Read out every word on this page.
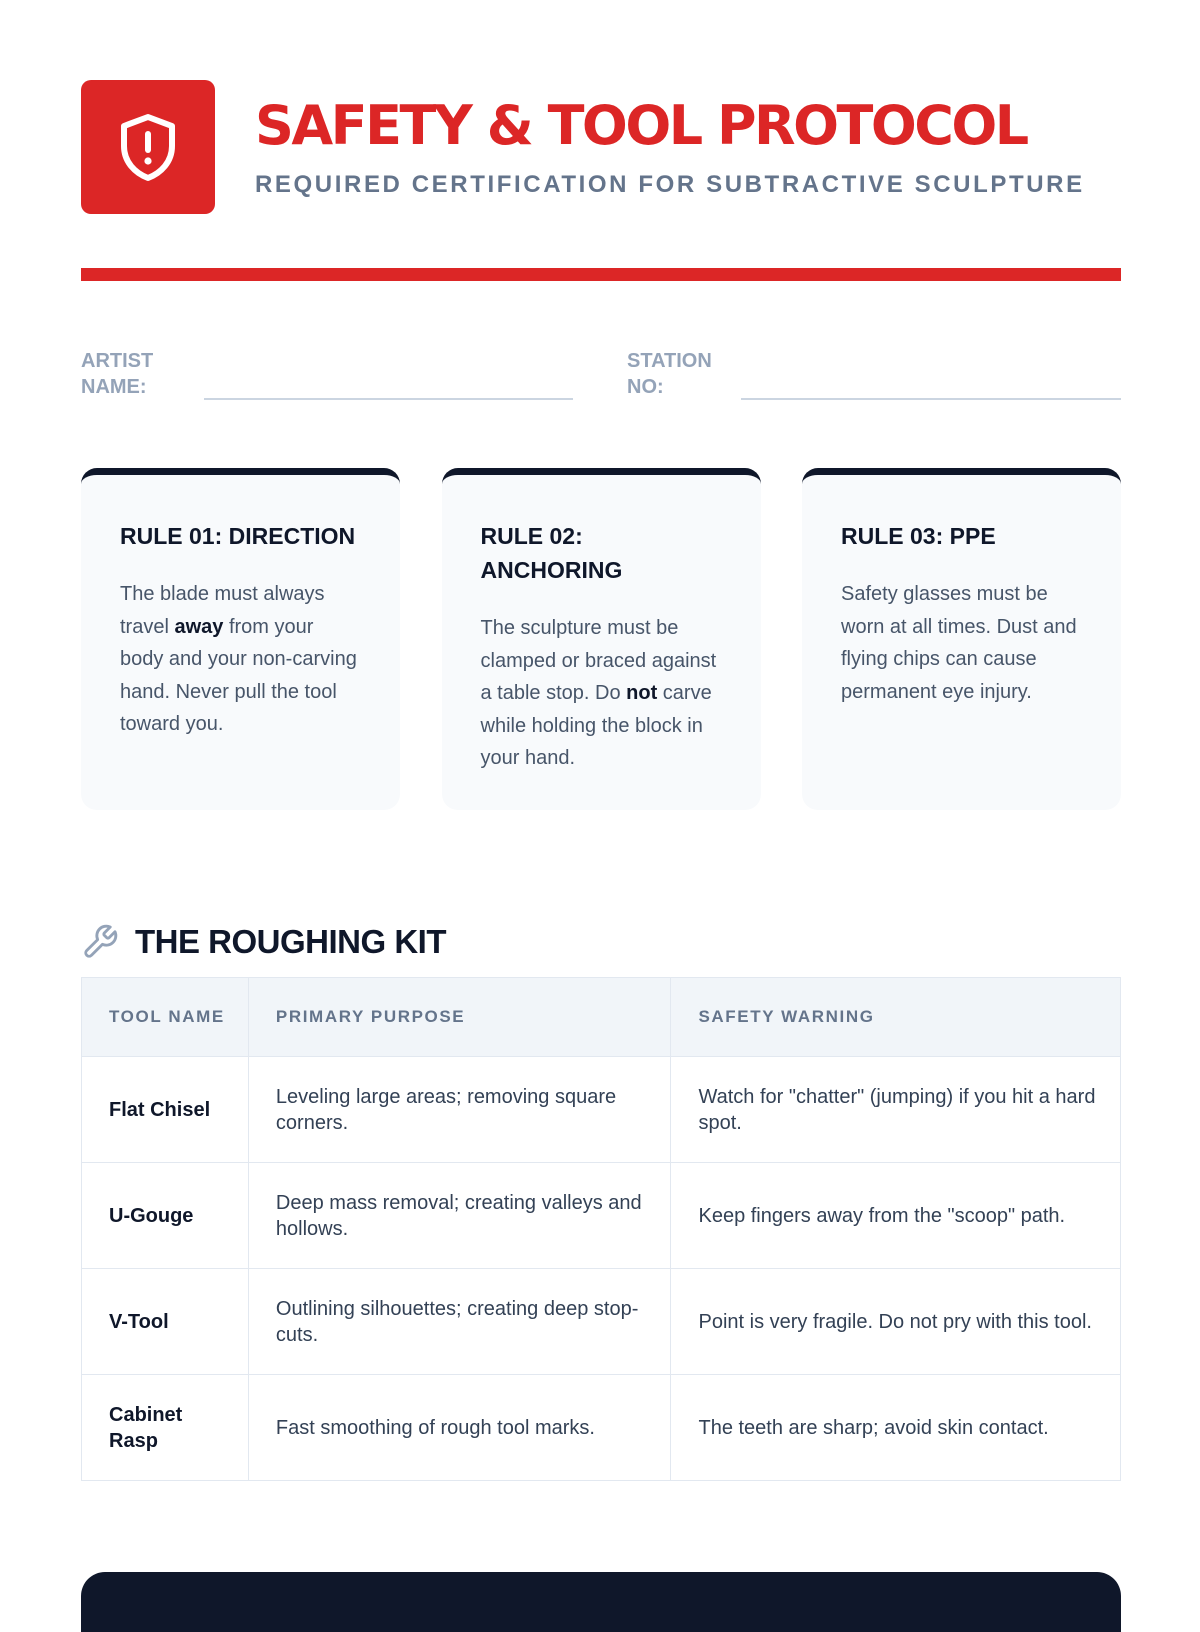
SAFETY & TOOL PROTOCOL
REQUIRED CERTIFICATION FOR SUBTRACTIVE SCULPTURE
ARTIST NAME:
STATION NO:
RULE 01: DIRECTION
The blade must always travel away from your body and your non-carving hand. Never pull the tool toward you.
RULE 02: ANCHORING
The sculpture must be clamped or braced against a table stop. Do not carve while holding the block in your hand.
RULE 03: PPE
Safety glasses must be worn at all times. Dust and flying chips can cause permanent eye injury.
THE ROUGHING KIT
TOOL NAME	PRIMARY PURPOSE	SAFETY WARNING
Flat Chisel	Leveling large areas; removing square corners.	Watch for "chatter" (jumping) if you hit a hard spot.
U-Gouge	Deep mass removal; creating valleys and hollows.	Keep fingers away from the "scoop" path.
V-Tool	Outlining silhouettes; creating deep stop-cuts.	Point is very fragile. Do not pry with this tool.
Cabinet Rasp	Fast smoothing of rough tool marks.	The teeth are sharp; avoid skin contact.
